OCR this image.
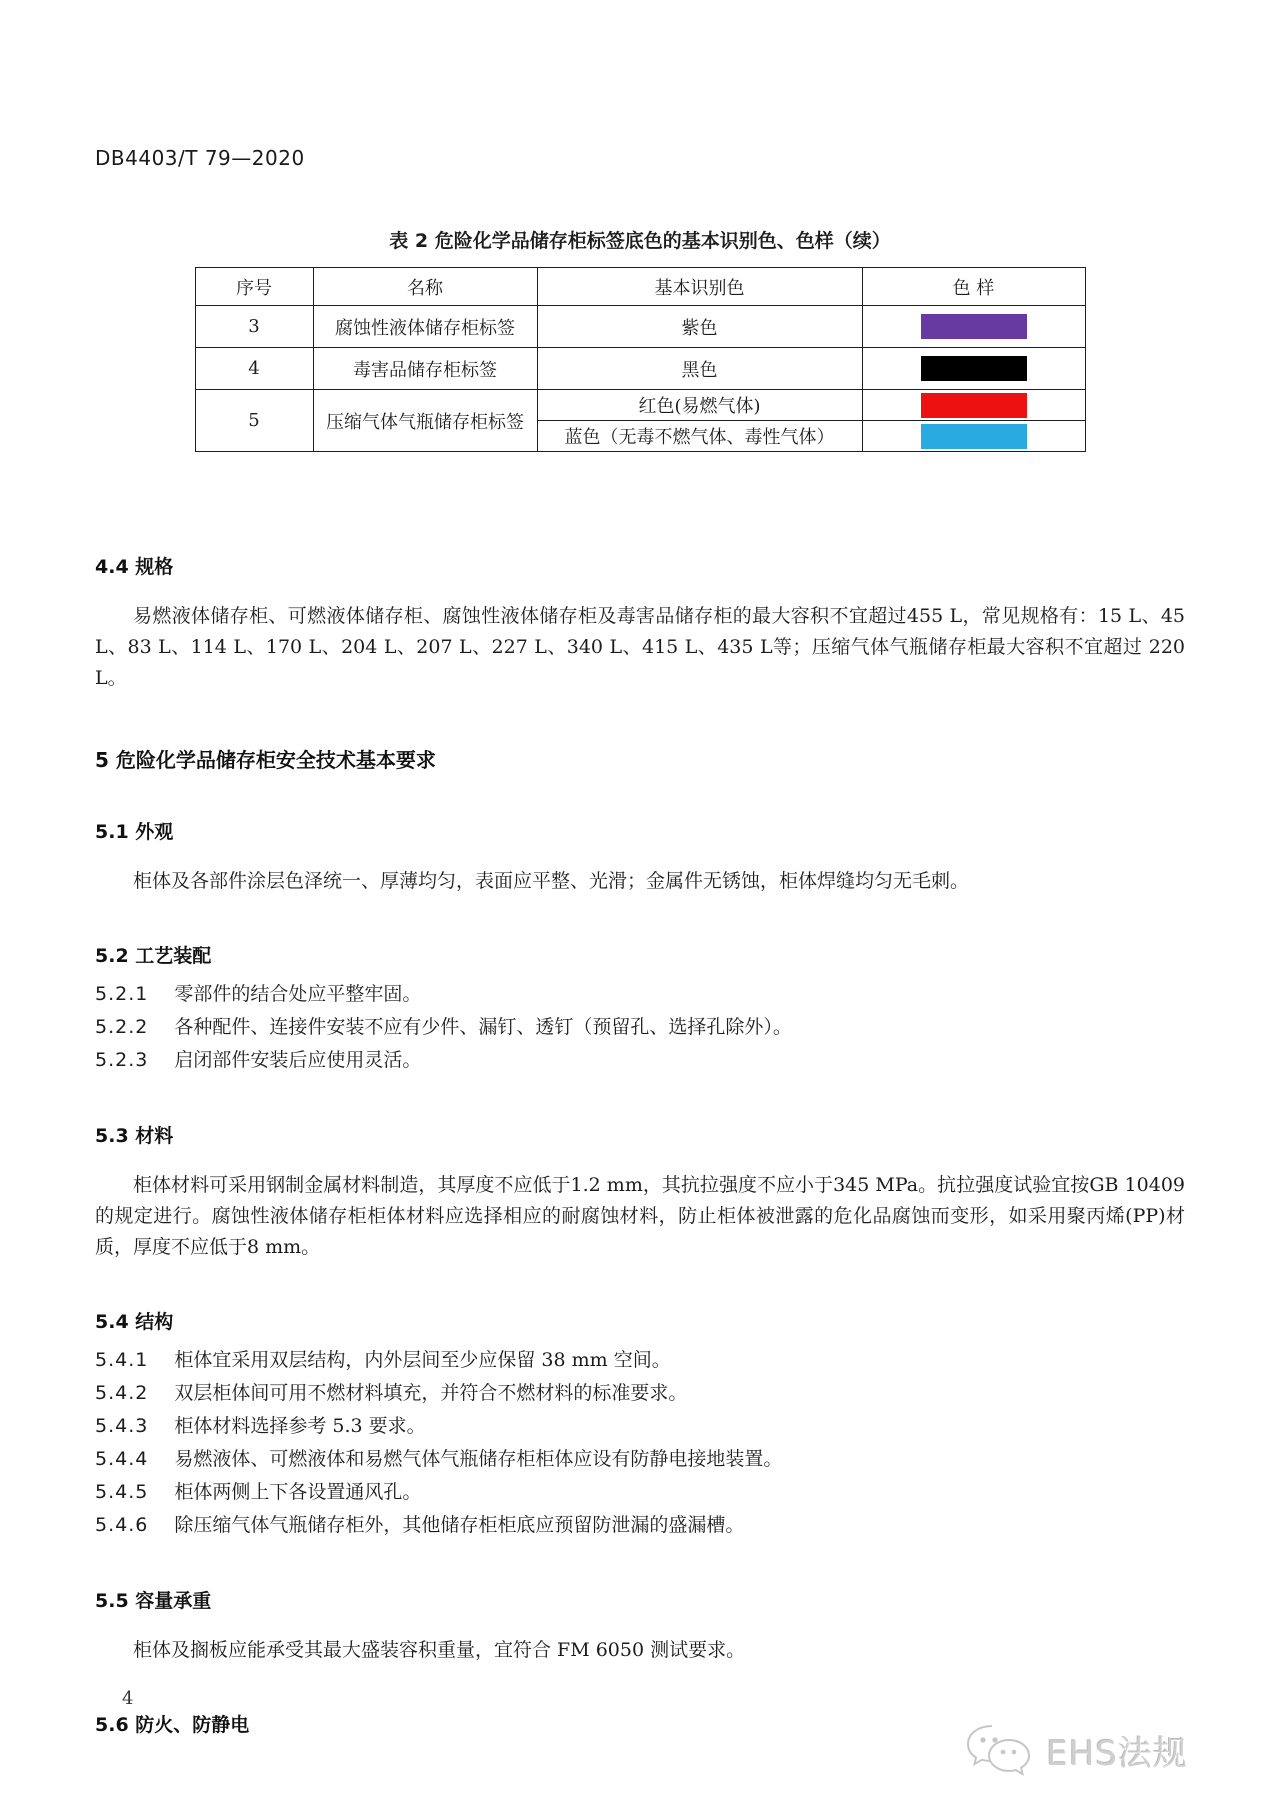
DB4403/T 79—2020
表 2 危险化学品储存柜标签底色的基本识别色、色样（续）
序号	名称	基本识别色	色 样
3	腐蚀性液体储存柜标签	紫色	

4	毒害品储存柜标签	黑色	

5	压缩气体气瓶储存柜标签	红色(易燃气体)	

		蓝色（无毒不燃气体、毒性气体）	
4.4 规格

易燃液体储存柜、可燃液体储存柜、腐蚀性液体储存柜及毒害品储存柜的最大容积不宜超过455 L，常见规格有：15 L、45 L、83 L、114 L、170 L、204 L、207 L、227 L、340 L、415 L、435 L等；压缩气体气瓶储存柜最大容积不宜超过 220 L。

5 危险化学品储存柜安全技术基本要求
5.1 外观

柜体及各部件涂层色泽统一、厚薄均匀，表面应平整、光滑；金属件无锈蚀，柜体焊缝均匀无毛刺。

5.2 工艺装配
5.2.1 零部件的结合处应平整牢固。
5.2.2 各种配件、连接件安装不应有少件、漏钉、透钉（预留孔、选择孔除外）。
5.2.3 启闭部件安装后应使用灵活。
5.3 材料

柜体材料可采用钢制金属材料制造，其厚度不应低于1.2 mm，其抗拉强度不应小于345 MPa。抗拉强度试验宜按GB 10409的规定进行。腐蚀性液体储存柜柜体材料应选择相应的耐腐蚀材料，防止柜体被泄露的危化品腐蚀而变形，如采用聚丙烯(PP)材质，厚度不应低于8 mm。

5.4 结构
5.4.1 柜体宜采用双层结构，内外层间至少应保留 38 mm 空间。
5.4.2 双层柜体间可用不燃材料填充，并符合不燃材料的标准要求。
5.4.3 柜体材料选择参考 5.3 要求。
5.4.4 易燃液体、可燃液体和易燃气体气瓶储存柜柜体应设有防静电接地装置。
5.4.5 柜体两侧上下各设置通风孔。
5.4.6 除压缩气体气瓶储存柜外，其他储存柜柜底应预留防泄漏的盛漏槽。
5.5 容量承重

柜体及搁板应能承受其最大盛装容积重量，宜符合 FM 6050 测试要求。

5.6 防火、防静电
4
EHS法规
